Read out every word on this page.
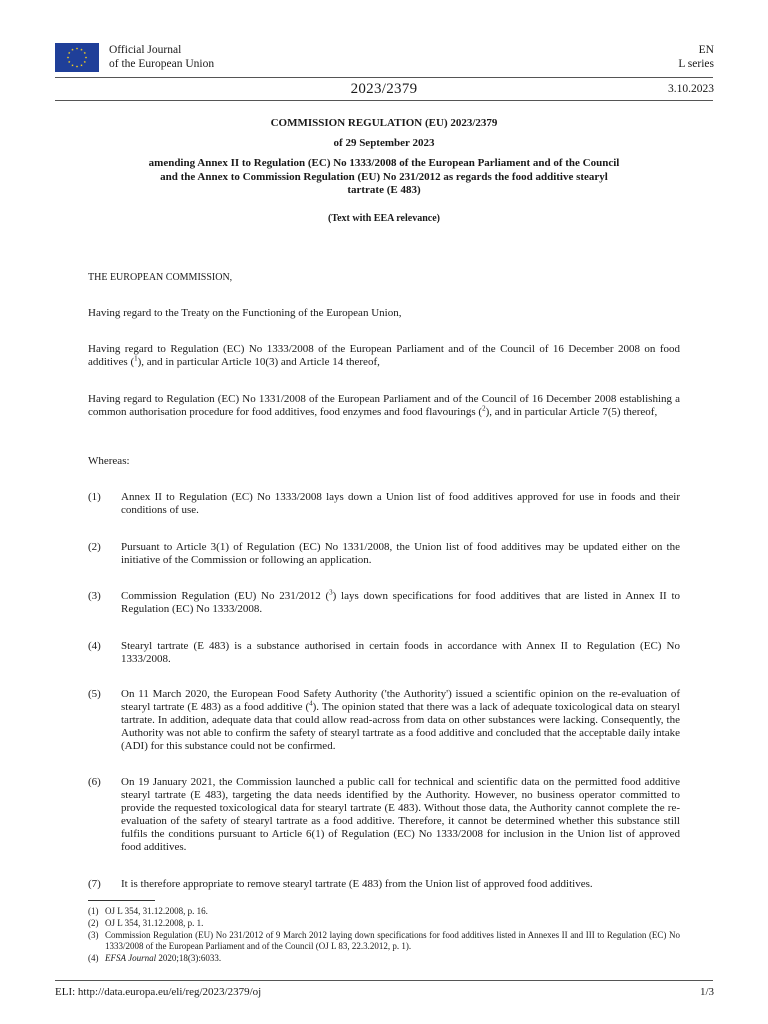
Official Journal
of the European Union
EN
L series
2023/2379	3.10.2023
COMMISSION REGULATION (EU) 2023/2379
of 29 September 2023
amending Annex II to Regulation (EC) No 1333/2008 of the European Parliament and of the Council
and the Annex to Commission Regulation (EU) No 231/2012 as regards the food additive stearyl
tartrate (E 483)
(Text with EEA relevance)
THE EUROPEAN COMMISSION,
Having regard to the Treaty on the Functioning of the European Union,
Having regard to Regulation (EC) No 1333/2008 of the European Parliament and of the Council of 16 December 2008 on food additives ($^1$), and in particular Article 10(3) and Article 14 thereof,
Having regard to Regulation (EC) No 1331/2008 of the European Parliament and of the Council of 16 December 2008 establishing a common authorisation procedure for food additives, food enzymes and food flavourings ($^2$), and in particular Article 7(5) thereof,
Whereas:
(1) Annex II to Regulation (EC) No 1333/2008 lays down a Union list of food additives approved for use in foods and their conditions of use.
(2) Pursuant to Article 3(1) of Regulation (EC) No 1331/2008, the Union list of food additives may be updated either on the initiative of the Commission or following an application.
(3) Commission Regulation (EU) No 231/2012 ($^3$) lays down specifications for food additives that are listed in Annex II to Regulation (EC) No 1333/2008.
(4) Stearyl tartrate (E 483) is a substance authorised in certain foods in accordance with Annex II to Regulation (EC) No 1333/2008.
(5) On 11 March 2020, the European Food Safety Authority ('the Authority') issued a scientific opinion on the re-evaluation of stearyl tartrate (E 483) as a food additive ($^4$). The opinion stated that there was a lack of adequate toxicological data on stearyl tartrate. In addition, adequate data that could allow read-across from data on other substances were lacking. Consequently, the Authority was not able to confirm the safety of stearyl tartrate as a food additive and concluded that the acceptable daily intake (ADI) for this substance could not be confirmed.
(6) On 19 January 2021, the Commission launched a public call for technical and scientific data on the permitted food additive stearyl tartrate (E 483), targeting the data needs identified by the Authority. However, no business operator committed to provide the requested toxicological data for stearyl tartrate (E 483). Without those data, the Authority cannot complete the re-evaluation of the safety of stearyl tartrate as a food additive. Therefore, it cannot be determined whether this substance still fulfils the conditions pursuant to Article 6(1) of Regulation (EC) No 1333/2008 for inclusion in the Union list of approved food additives.
(7) It is therefore appropriate to remove stearyl tartrate (E 483) from the Union list of approved food additives.
(1) OJ L 354, 31.12.2008, p. 16.
(2) OJ L 354, 31.12.2008, p. 1.
(3) Commission Regulation (EU) No 231/2012 of 9 March 2012 laying down specifications for food additives listed in Annexes II and III to Regulation (EC) No 1333/2008 of the European Parliament and of the Council (OJ L 83, 22.3.2012, p. 1).
(4) EFSA Journal 2020;18(3):6033.
ELI: http://data.europa.eu/eli/reg/2023/2379/oj	1/3
